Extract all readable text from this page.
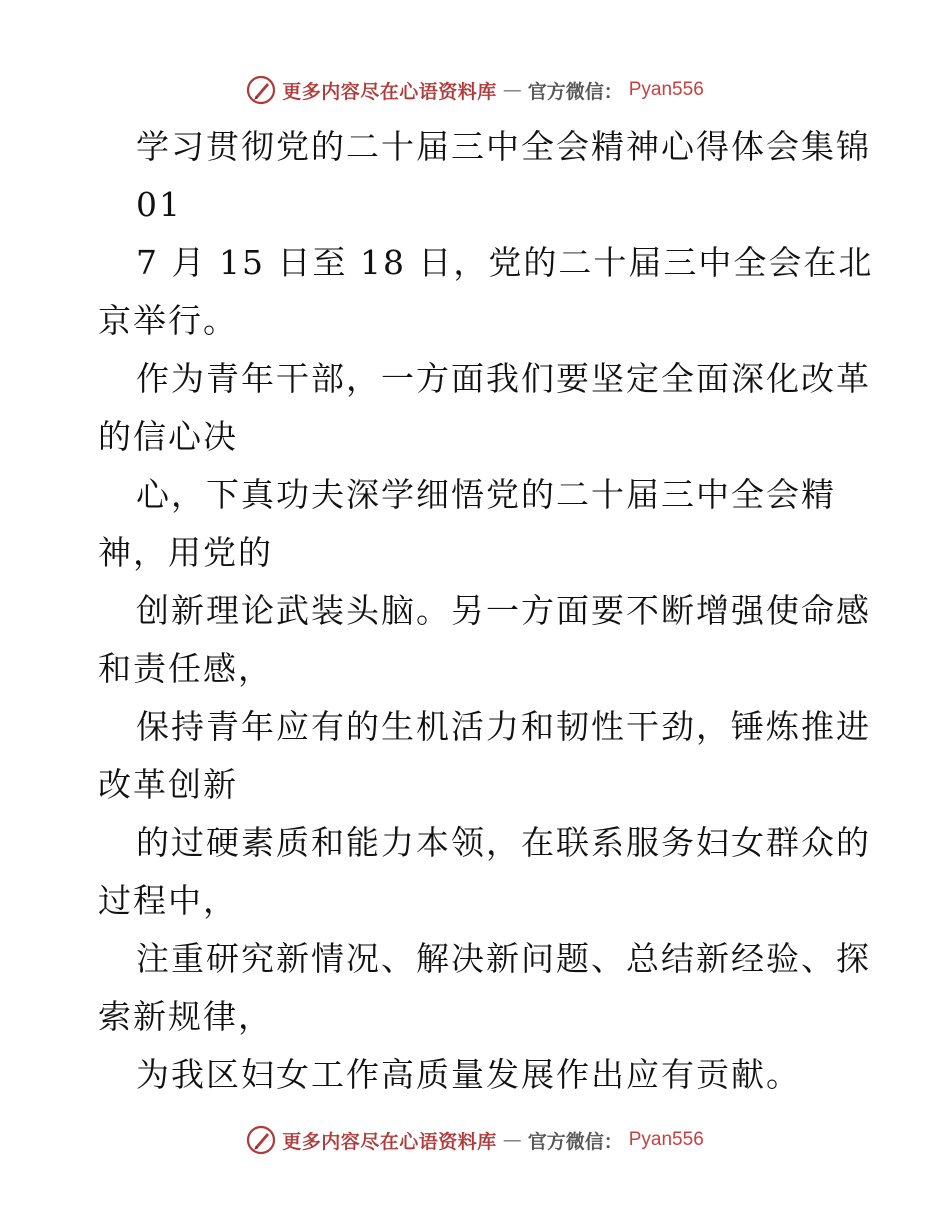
更多内容尽在心语资料库 — 官方微信： Pyan556
学习贯彻党的二十届三中全会精神心得体会集锦
01
7 月 15 日至 18 日，党的二十届三中全会在北
京举行。
作为青年干部，一方面我们要坚定全面深化改革
的信心决
心，下真功夫深学细悟党的二十届三中全会精
神，用党的
创新理论武装头脑。另一方面要不断增强使命感
和责任感，
保持青年应有的生机活力和韧性干劲，锤炼推进
改革创新
的过硬素质和能力本领，在联系服务妇女群众的
过程中，
注重研究新情况、解决新问题、总结新经验、探
索新规律，
为我区妇女工作高质量发展作出应有贡献。
更多内容尽在心语资料库 — 官方微信： Pyan556
